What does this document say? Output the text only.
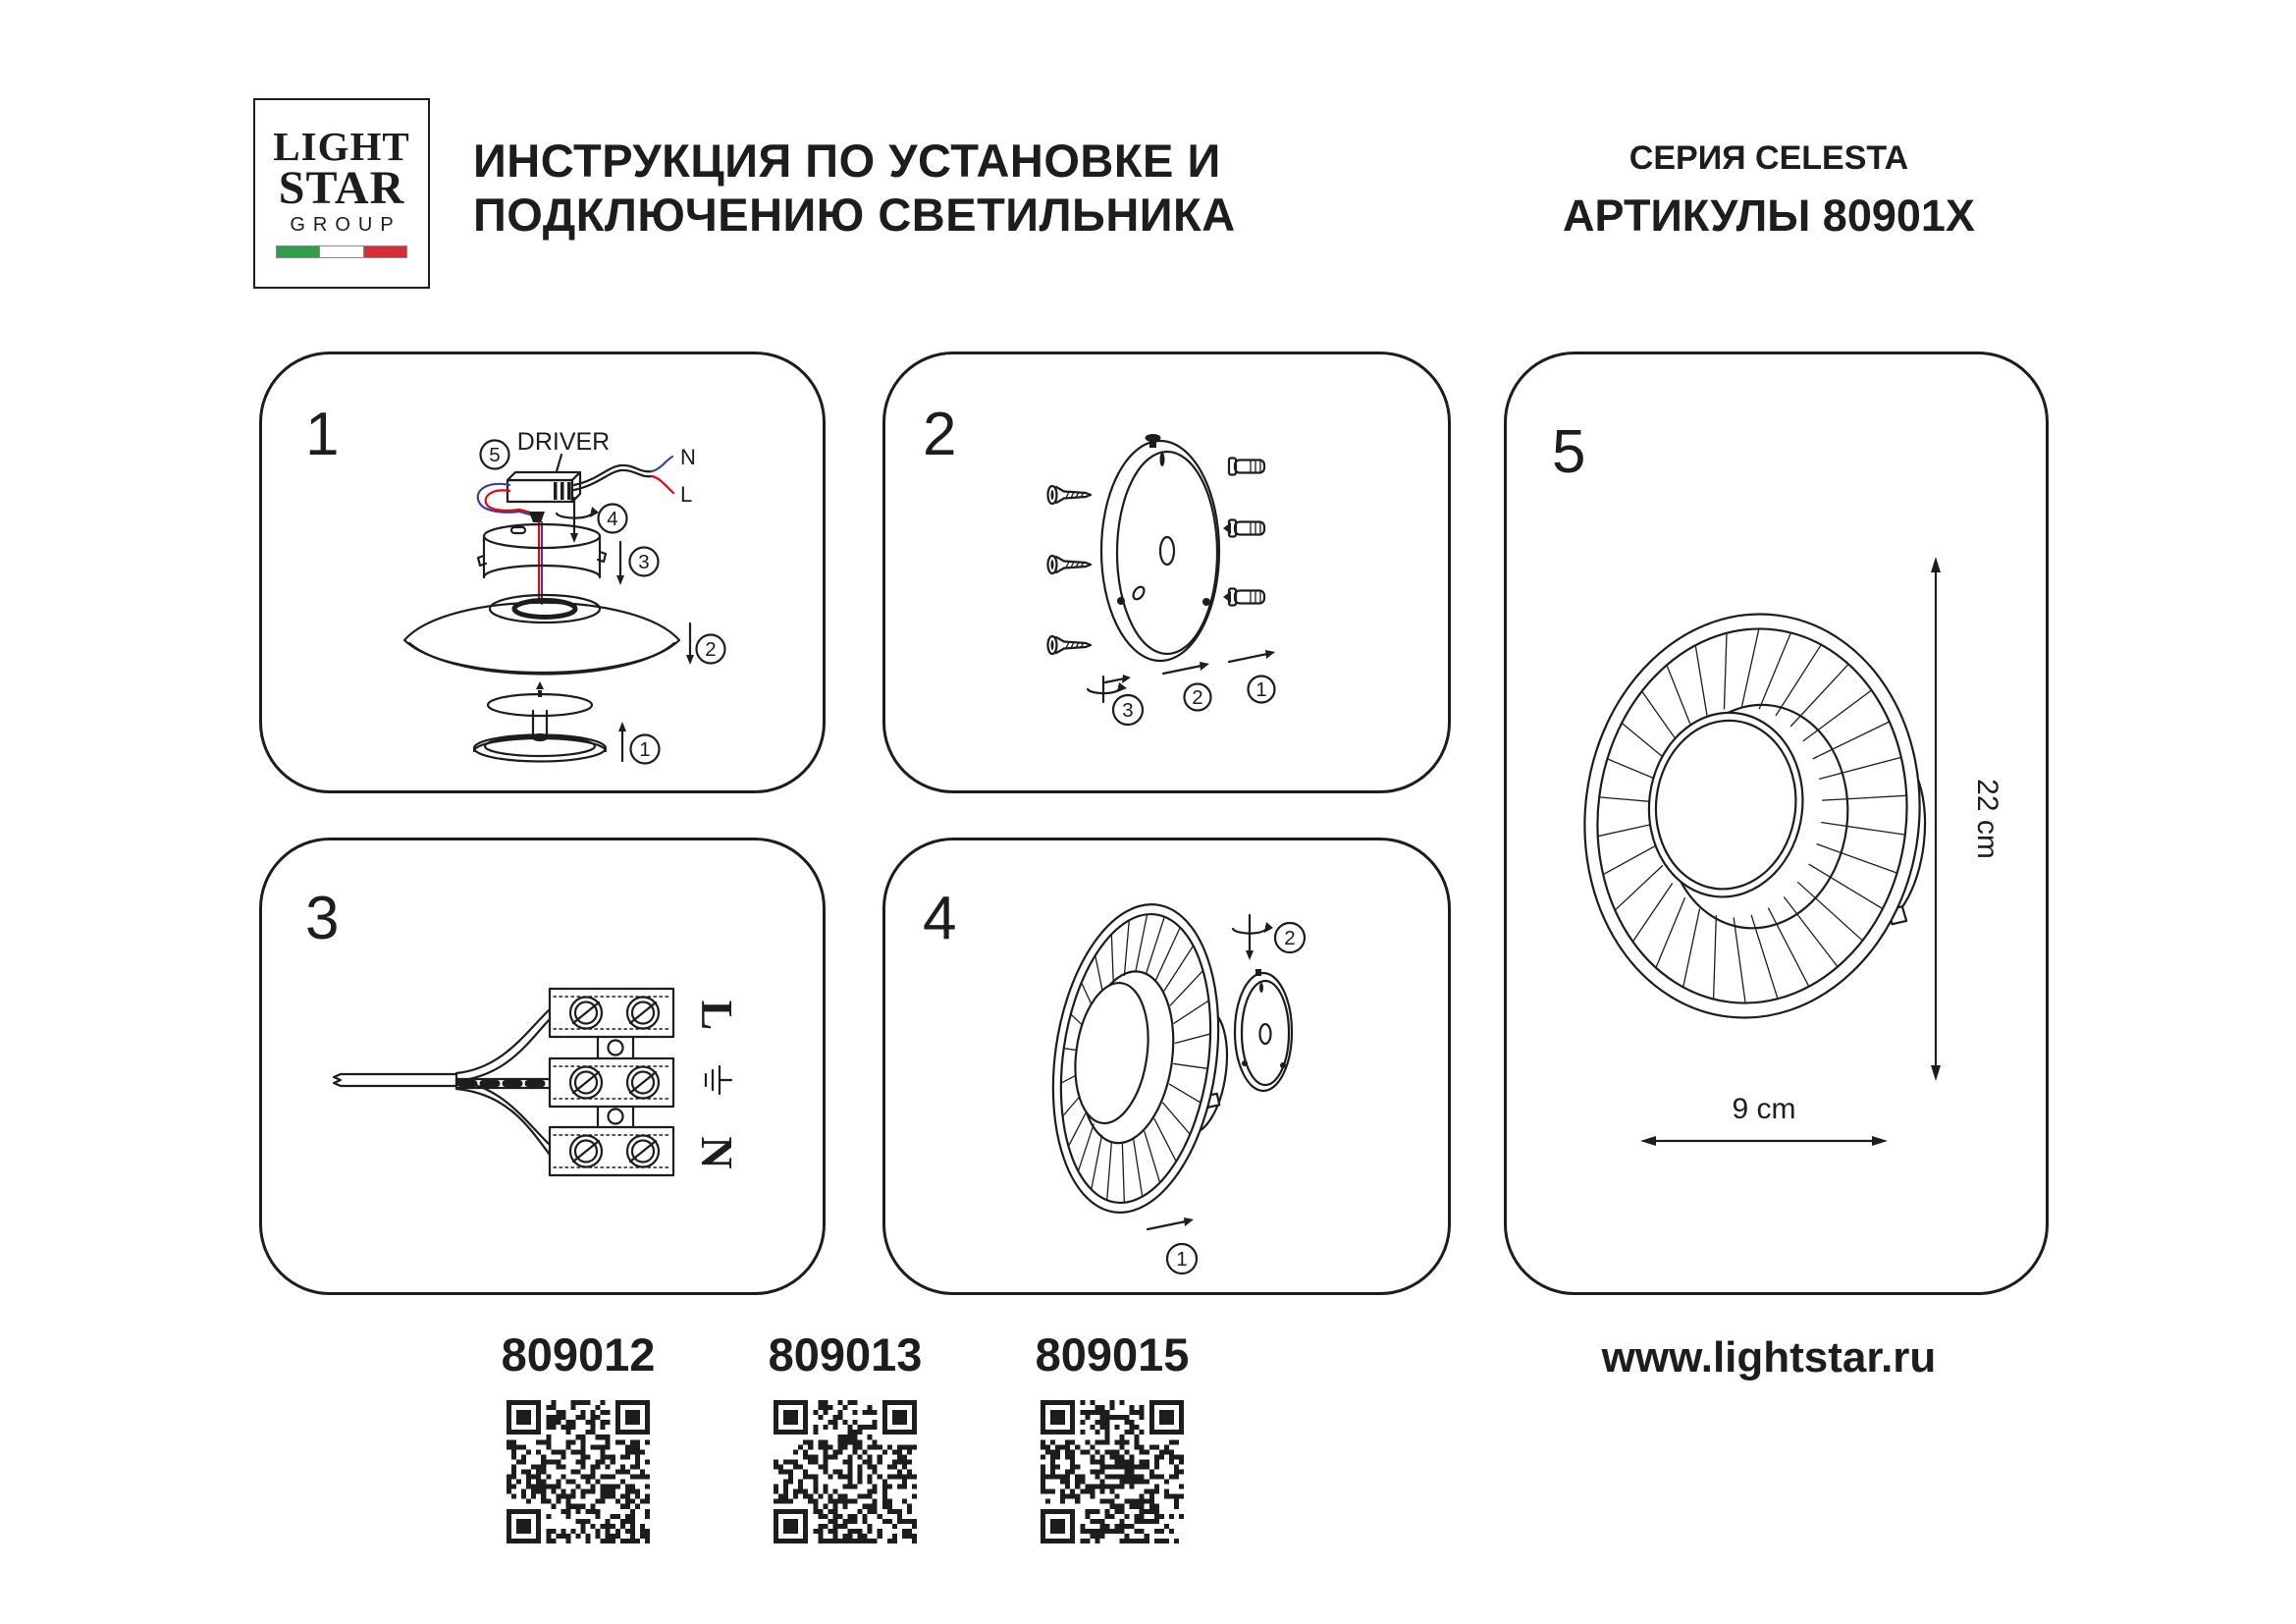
LIGHT
STAR
GROUP
ИНСТРУКЦИЯ ПО УСТАНОВКЕ И
ПОДКЛЮЧЕНИЮ СВЕТИЛЬНИКА
СЕРИЯ CELESTA
АРТИКУЛЫ 80901X
1	DRIVER
5	N
L
4
3
2
1
2
3
2	1
3
L
N
4	2
1
5
22 cm
9 cm
809012	809013	809015	www.lightstar.ru
